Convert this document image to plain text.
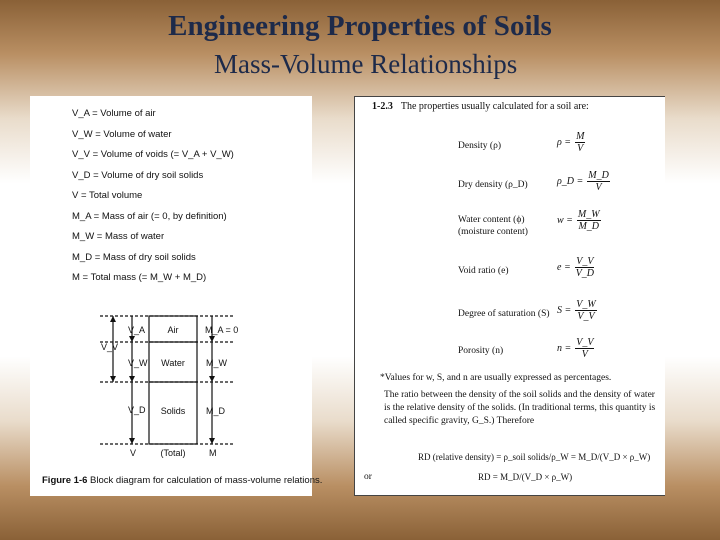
Engineering Properties of Soils
Mass-Volume Relationships
V_A = Volume of air
V_W = Volume of water
V_V = Volume of voids (= V_A + V_W)
V_D = Volume of dry soil solids
V = Total volume
M_A = Mass of air (= 0, by definition)
M_W = Mass of water
M_D = Mass of dry soil solids
M = Total mass (= M_W + M_D)
V_V
V_A
V_W
V_D
V
Air
Water
Solids
(Total)
M_A = 0
M_W
M_D
M
Figure 1-6 Block diagram for calculation of mass-volume relations.
1-2.3 The properties usually calculated for a soil are:
Density (ρ)	$\rho = \frac{M}{V}$
Dry density (ρ_D)	ρ_D = $\frac{M\_D}{V}$
Water content (ϕ) (moisture content)
$w = \frac{M\_W}{M\_D}$
Void ratio (e)	$e = \frac{V\_V}{V\_D}$
Degree of saturation (S) $S = \frac{V\_W}{V\_V}$
Porosity (n)	$n = \frac{V\_V}{V}$
*Values for w, S, and n are usually expressed as percentages.
The ratio between the density of the soil solids and the density of water is the relative density of the solids. (In traditional terms, this quantity is called specific gravity, G_S.) Therefore
RD (relative density) = ρ_soil solids/ρ_W = M_D/(V_D × ρ_W)
or	RD = M_D/(V_D × ρ_W)
